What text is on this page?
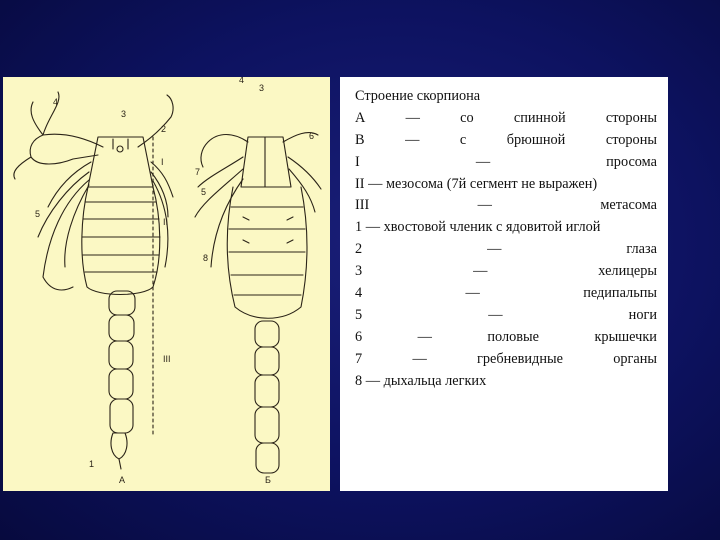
4
3
2
5
I
II
III
1
A
4
3
6
7
5
8
Б
Строение скорпиона
А	—	со	спинной	стороны
В	—	с	брюшной	стороны
I	—	просома
II — мезосома (7й сегмент не выражен)
III	—	метасома
1 — хвостовой членик с ядовитой иглой
2	—	глаза
3	—	хелицеры
4	—	педипальпы
5	—	ноги
6	—	половые	крышечки
7	—	гребневидные	органы
8 — дыхальца легких
